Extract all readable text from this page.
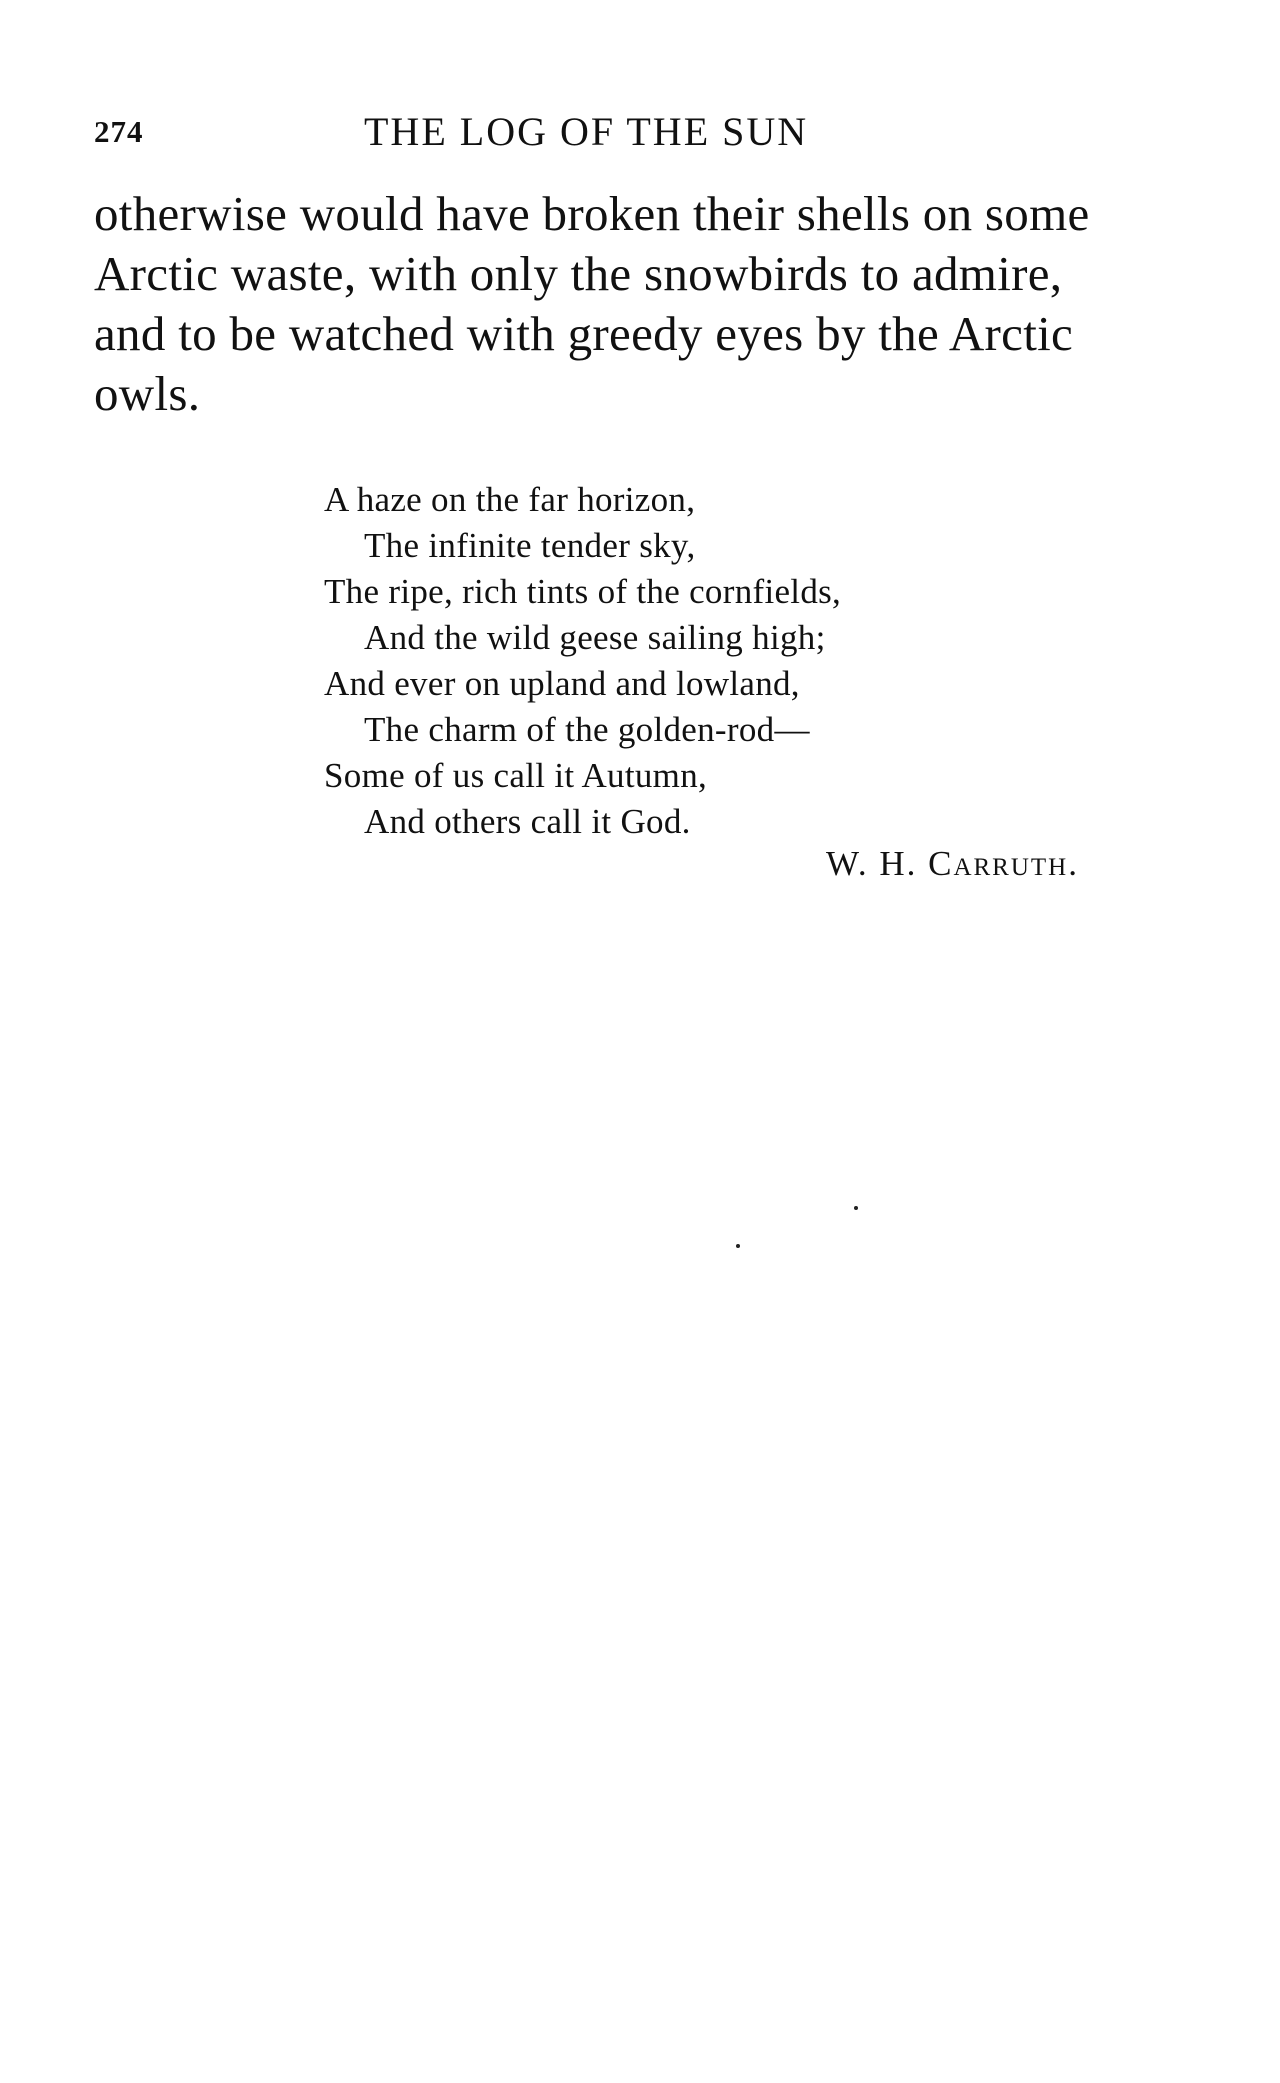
274	THE LOG OF THE SUN
otherwise would have broken their shells on some
Arctic waste, with only the snowbirds to admire,
and to be watched with greedy eyes by the Arctic
owls.
A haze on the far horizon,
The infinite tender sky,
The ripe, rich tints of the cornfields,
And the wild geese sailing high;
And ever on upland and lowland,
The charm of the golden-rod—
Some of us call it Autumn,
And others call it God.
W. H. Carruth.
